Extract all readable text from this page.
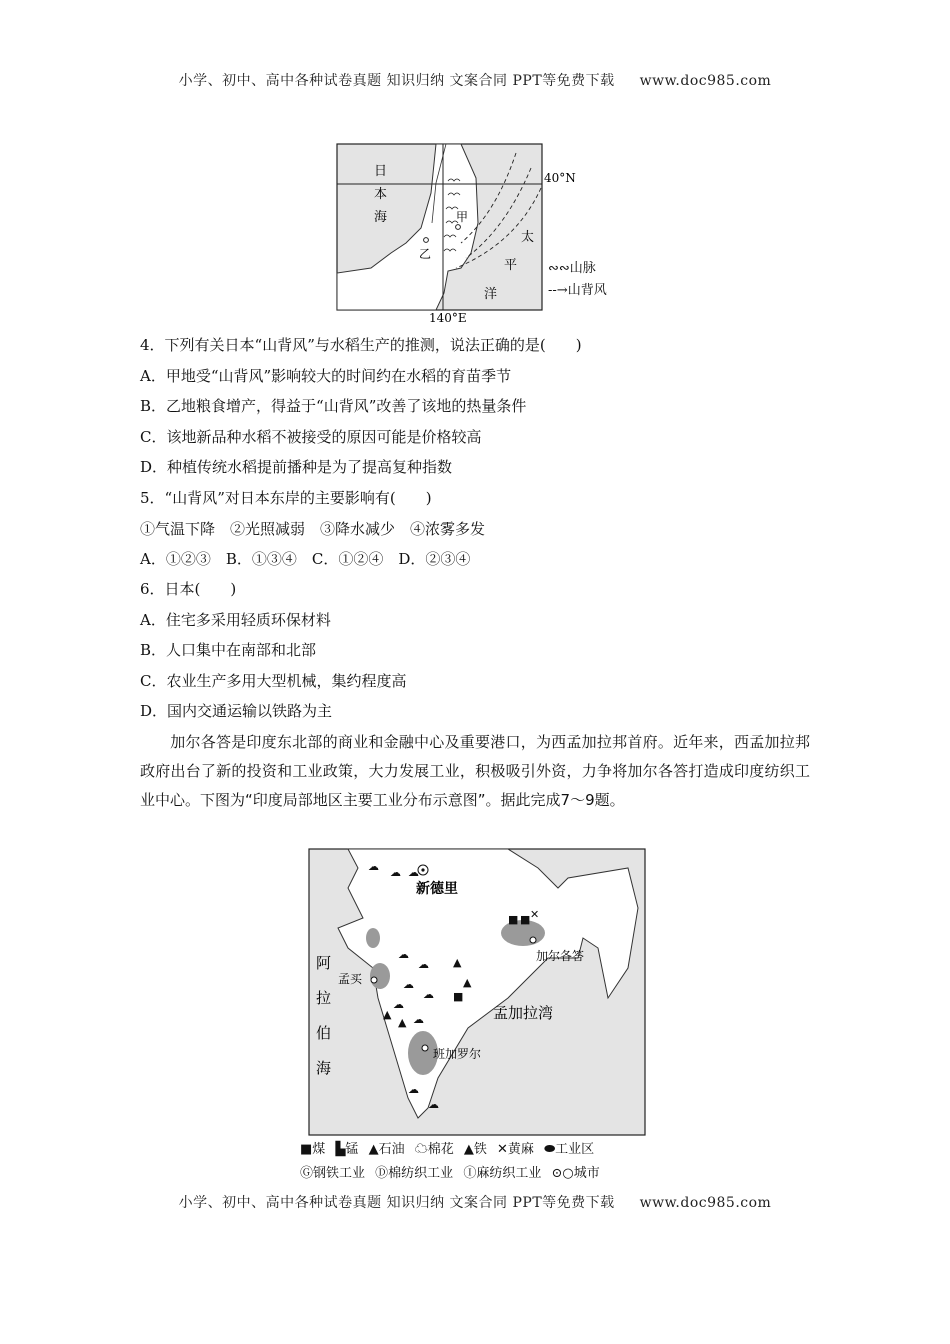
小学、初中、高中各种试卷真题 知识归纳 文案合同 PPT等免费下载 www.doc985.com
日
本
海
40°N
140°E
甲
乙
太
平
洋
∾∾山脉
--→山背风
4．下列有关日本“山背风”与水稻生产的推测，说法正确的是(　　)
A．甲地受“山背风”影响较大的时间约在水稻的育苗季节
B．乙地粮食增产，得益于“山背风”改善了该地的热量条件
C．该地新品种水稻不被接受的原因可能是价格较高
D．种植传统水稻提前播种是为了提高复种指数
5．“山背风”对日本东岸的主要影响有(　　)
①气温下降　②光照减弱　③降水减少　④浓雾多发
A．①②③　B．①③④　C．①②④　D．②③④
6．日本(　　)
A．住宅多采用轻质环保材料
B．人口集中在南部和北部
C．农业生产多用大型机械，集约程度高
D．国内交通运输以铁路为主
加尔各答是印度东北部的商业和金融中心及重要港口，为西孟加拉邦首府。近年来，西孟加拉邦政府出台了新的投资和工业政策，大力发展工业，积极吸引外资，力争将加尔各答打造成印度纺织工业中心。下图为“印度局部地区主要工业分布示意图”。据此完成7～9题。
☁ ☁
☁
☁
☁
☁
☁
☁
☁
☁
☁
▲
▲
■
▲
▲
■ ■ ✕
新德里
孟买
加尔各答
班加罗尔
孟加拉湾
阿
拉
伯
海
■煤 ▙锰 ▲石油 ☁棉花 ▲铁 ✕黄麻 ⬬工业区
Ⓖ钢铁工业 Ⓓ棉纺织工业 Ⓘ麻纺织工业 ⊙○城市
小学、初中、高中各种试卷真题 知识归纳 文案合同 PPT等免费下载 www.doc985.com
